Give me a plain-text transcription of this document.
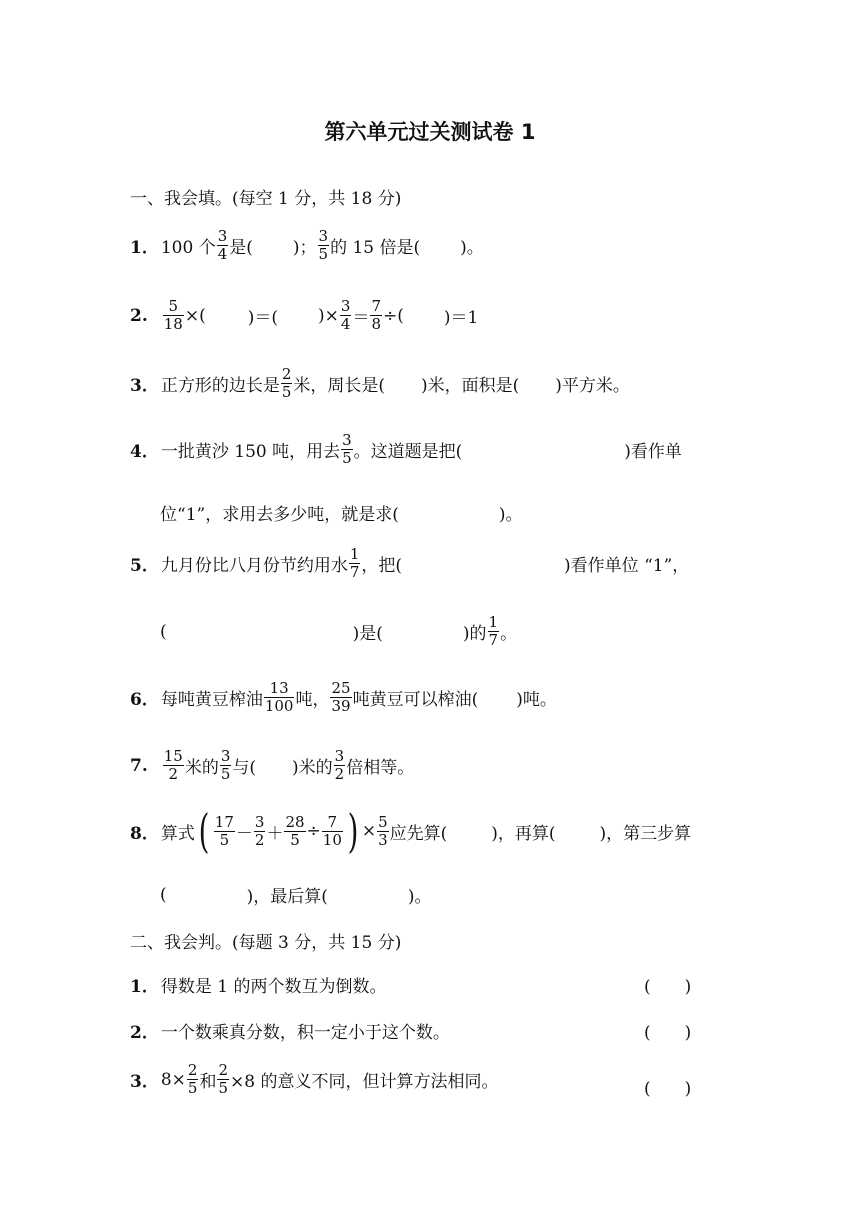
第六单元过关测试卷 1
一、我会填。(每空 1 分，共 18 分)
1． 100 个 $\frac{3}{4}$ 是( )； $\frac{3}{5}$ 的 15 倍是( )。
2. $\frac{5}{18}$ ×( )＝( )× $\frac{3}{4} = \frac{7}{8}$ ÷( )＝1
3． 正方形的边长是 $\frac{2}{5}$ 米，周长是( )米，面积是( )平方米。
4． 一批黄沙 150 吨，用去 $\frac{3}{5}$ 。这道题是把(	)看作单
位“1”，求用去多少吨，就是求(	)。
5． 九月份比八月份节约用水 $\frac{1}{7}$ ，把(	)看作单位 “1”，
(	)是(	)的 $\frac{1}{7}$ 。
6． 每吨黄豆榨油 $\frac{13}{100}$ 吨， $\frac{25}{39}$ 吨黄豆可以榨油( )吨。
7. $\frac{15}{2}$ 米的 $\frac{3}{5}$ 与( )米的 $\frac{3}{2}$ 倍相等。
8． 算式 ( $\frac{17}{5} - \frac{3}{2} + \frac{28}{5} \div \frac{7}{10}$ ) × $\frac{5}{3}$ 应先算(	)，再算(	)，第三步算
(	)，最后算(	)。
二、我会判。(每题 3 分，共 15 分)
1． 得数是 1 的两个数互为倒数。	(　　)
2． 一个数乘真分数，积一定小于这个数。	(　　)
3． $8\times \frac{2}{5}$ 和 $\frac{2}{5} \times 8$ 的意义不同，但计算方法相同。	(　　)
